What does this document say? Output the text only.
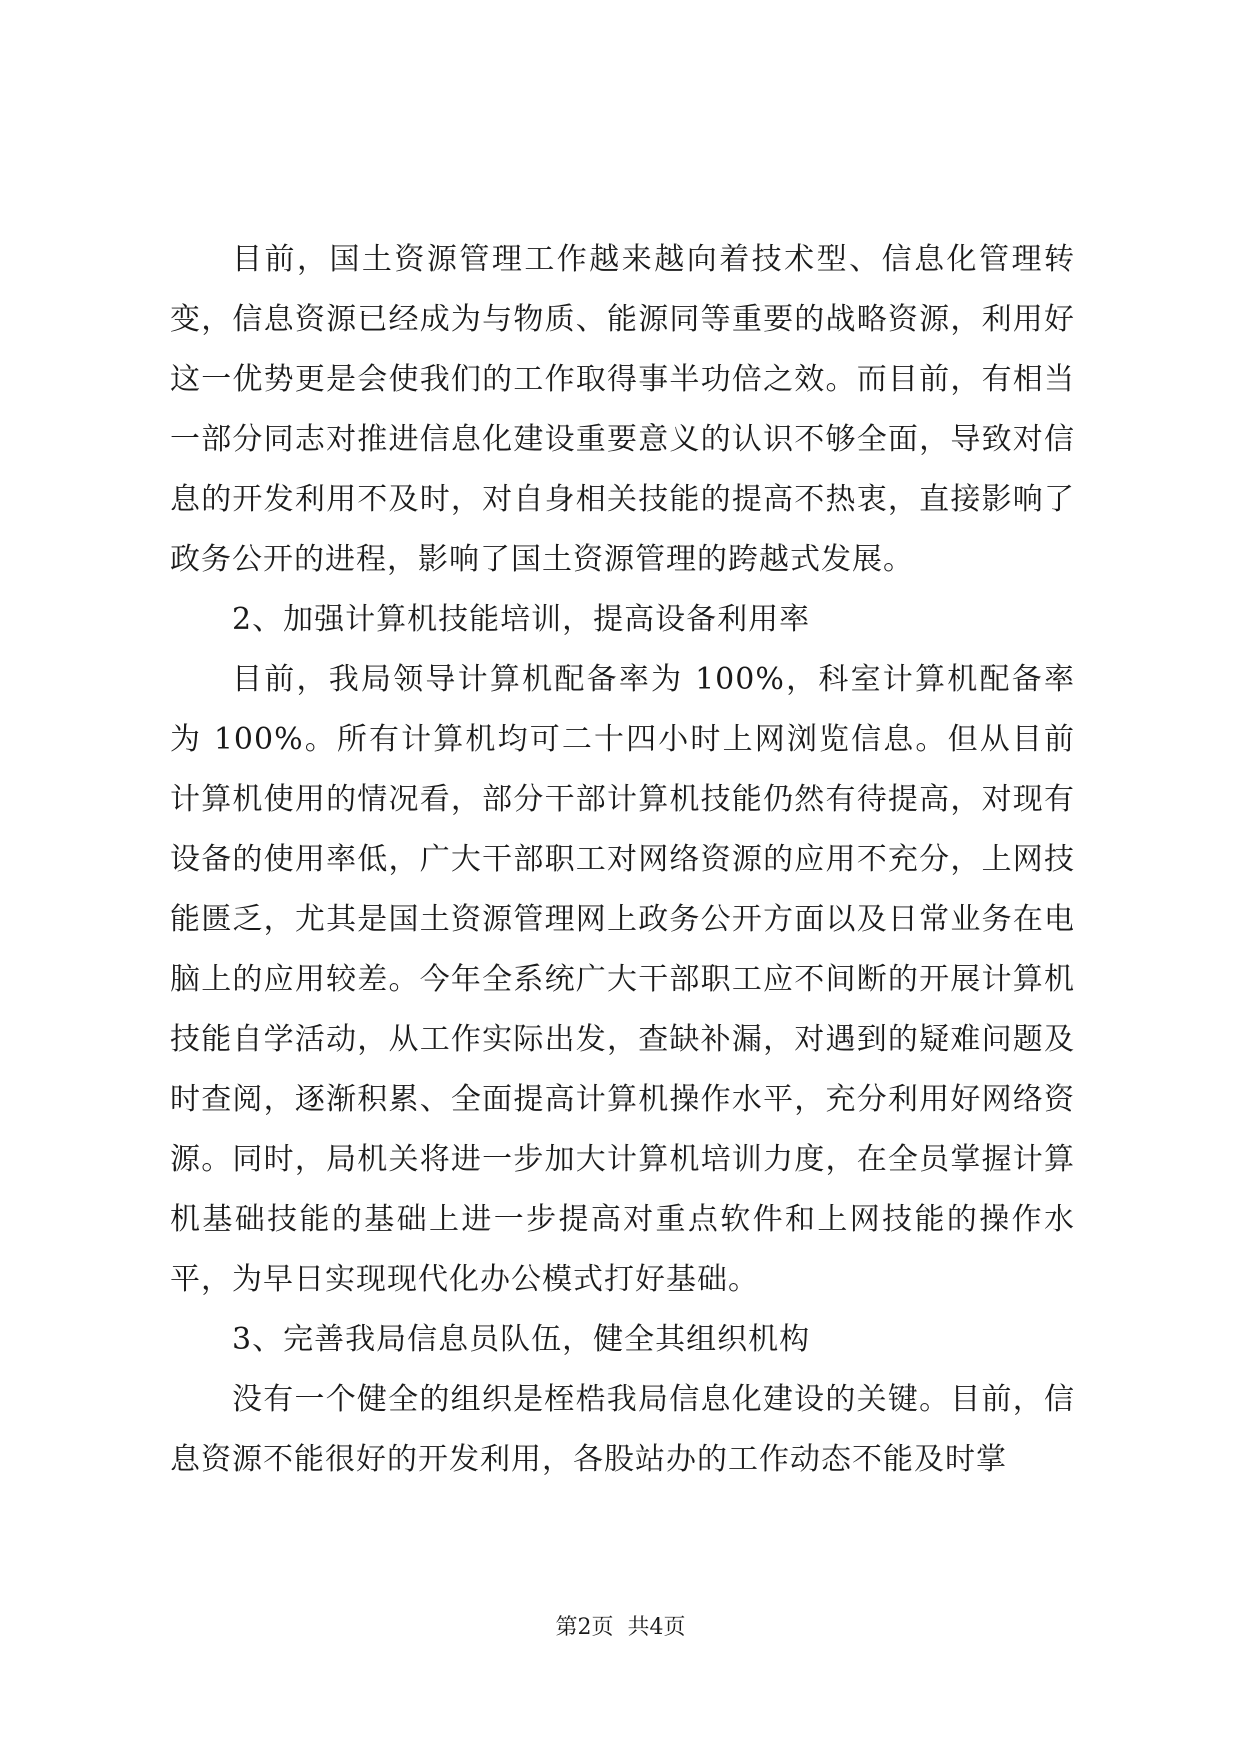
目前，国土资源管理工作越来越向着技术型、信息化管理转变，信息资源已经成为与物质、能源同等重要的战略资源，利用好这一优势更是会使我们的工作取得事半功倍之效。而目前，有相当一部分同志对推进信息化建设重要意义的认识不够全面，导致对信息的开发利用不及时，对自身相关技能的提高不热衷，直接影响了政务公开的进程，影响了国土资源管理的跨越式发展。

2、加强计算机技能培训，提高设备利用率

目前，我局领导计算机配备率为 100%，科室计算机配备率为 100%。所有计算机均可二十四小时上网浏览信息。但从目前计算机使用的情况看，部分干部计算机技能仍然有待提高，对现有设备的使用率低，广大干部职工对网络资源的应用不充分，上网技能匮乏，尤其是国土资源管理网上政务公开方面以及日常业务在电脑上的应用较差。今年全系统广大干部职工应不间断的开展计算机技能自学活动，从工作实际出发，查缺补漏，对遇到的疑难问题及时查阅，逐渐积累、全面提高计算机操作水平，充分利用好网络资源。同时，局机关将进一步加大计算机培训力度，在全员掌握计算机基础技能的基础上进一步提高对重点软件和上网技能的操作水平，为早日实现现代化办公模式打好基础。

3、完善我局信息员队伍，健全其组织机构

没有一个健全的组织是桎梏我局信息化建设的关键。目前，信息资源不能很好的开发利用，各股站办的工作动态不能及时掌

第2页  共4页
